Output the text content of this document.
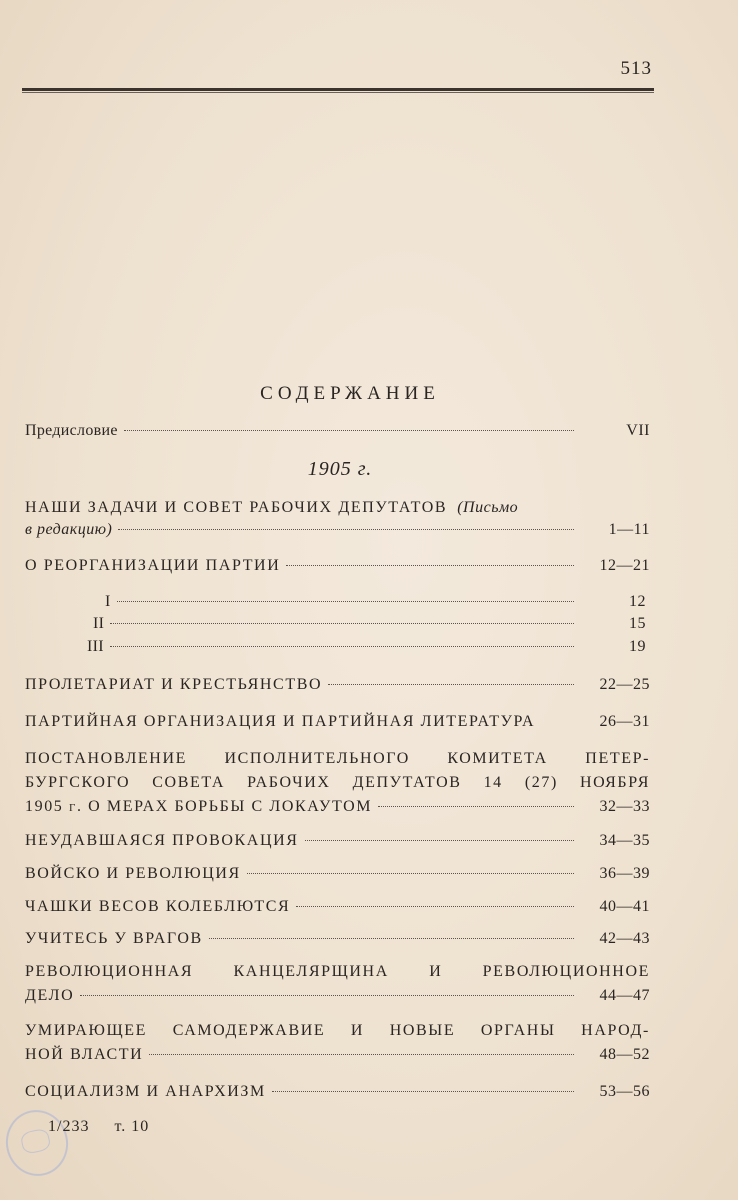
513
СОДЕРЖАНИЕ
Предисловие	VII
1905 г.
НАШИ ЗАДАЧИ И СОВЕТ РАБОЧИХ ДЕПУТАТОВ (Письмо
в редакцию)	1—11
О РЕОРГАНИЗАЦИИ ПАРТИИ	12—21
I	12
II	15
III	19
ПРОЛЕТАРИАТ И КРЕСТЬЯНСТВО	22—25
ПАРТИЙНАЯ ОРГАНИЗАЦИЯ И ПАРТИЙНАЯ ЛИТЕРАТУРА	26—31
ПОСТАНОВЛЕНИЕ ИСПОЛНИТЕЛЬНОГО КОМИТЕТА ПЕТЕР-
БУРГСКОГО СОВЕТА РАБОЧИХ ДЕПУТАТОВ 14 (27) НОЯБРЯ
1905 г. О МЕРАХ БОРЬБЫ С ЛОКАУТОМ	32—33
НЕУДАВШАЯСЯ ПРОВОКАЦИЯ	34—35
ВОЙСКО И РЕВОЛЮЦИЯ	36—39
ЧАШКИ ВЕСОВ КОЛЕБЛЮТСЯ	40—41
УЧИТЕСЬ У ВРАГОВ	42—43
РЕВОЛЮЦИОННАЯ	КАНЦЕЛЯРЩИНА	И	РЕВОЛЮЦИОННОЕ
ДЕЛО	44—47
УМИРАЮЩЕЕ САМОДЕРЖАВИЕ И НОВЫЕ ОРГАНЫ НАРОД-
НОЙ ВЛАСТИ	48—52
СОЦИАЛИЗМ И АНАРХИЗМ	53—56
1/233 т. 10
